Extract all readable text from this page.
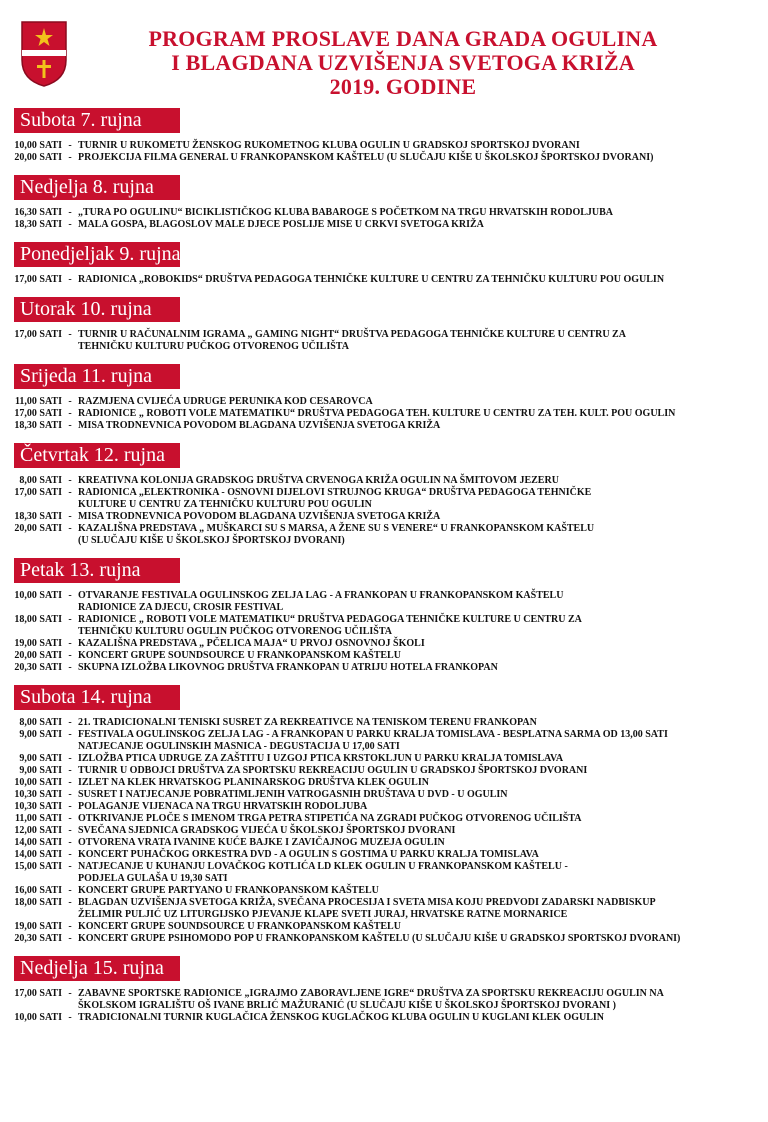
PROGRAM PROSLAVE DANA GRADA OGULINA
I BLAGDANA UZVIŠENJA SVETOGA KRIŽA
2019. GODINE
Subota 7. rujna
10,00 SATI - TURNIR U RUKOMETU ŽENSKOG RUKOMETNOG KLUBA OGULIN U GRADSKOJ SPORTSKOJ DVORANI
20,00 SATI - PROJEKCIJA FILMA GENERAL U FRANKOPANSKOM KAŠTELU (U SLUČAJU KIŠE U ŠKOLSKOJ ŠPORTSKOJ DVORANI)
Nedjelja 8. rujna
16,30 SATI - „TURA PO OGULINU“ BICIKLISTIČKOG KLUBA BABAROGE S POČETKOM NA TRGU HRVATSKIH RODOLJUBA
18,30 SATI - MALA GOSPA, BLAGOSLOV MALE DJECE POSLIJE MISE U CRKVI SVETOGA KRIŽA
Ponedjeljak 9. rujna
17,00 SATI - RADIONICA „ROBOKIDS“ DRUŠTVA PEDAGOGA TEHNIČKE KULTURE U CENTRU ZA TEHNIČKU KULTURU POU OGULIN
Utorak 10. rujna
17,00 SATI - TURNIR U RAČUNALNIM IGRAMA „ GAMING NIGHT“ DRUŠTVA PEDAGOGA TEHNIČKE KULTURE U CENTRU ZA
TEHNIČKU KULTURU PUČKOG OTVORENOG UČILIŠTA
Srijeda 11. rujna
11,00 SATI - RAZMJENA CVIJEĆA UDRUGE PERUNIKA KOD CESAROVCA
17,00 SATI - RADIONICE „ ROBOTI VOLE MATEMATIKU“ DRUŠTVA PEDAGOGA TEH. KULTURE U CENTRU ZA TEH. KULT. POU OGULIN
18,30 SATI - MISA TRODNEVNICA POVODOM BLAGDANA UZVIŠENJA SVETOGA KRIŽA
Četvrtak 12. rujna
8,00 SATI - KREATIVNA KOLONIJA GRADSKOG DRUŠTVA CRVENOGA KRIŽA OGULIN NA ŠMITOVOM JEZERU
17,00 SATI - RADIONICA „ELEKTRONIKA - OSNOVNI DIJELOVI STRUJNOG KRUGA“ DRUŠTVA PEDAGOGA TEHNIČKE
KULTURE U CENTRU ZA TEHNIČKU KULTURU POU OGULIN
18,30 SATI - MISA TRODNEVNICA POVODOM BLAGDANA UZVIŠENJA SVETOGA KRIŽA
20,00 SATI - KAZALIŠNA PREDSTAVA „ MUŠKARCI SU S MARSA, A ŽENE SU S VENERE“ U FRANKOPANSKOM KAŠTELU
(U SLUČAJU KIŠE U ŠKOLSKOJ ŠPORTSKOJ DVORANI)
Petak 13. rujna
10,00 SATI - OTVARANJE FESTIVALA OGULINSKOG ZELJA LAG - A FRANKOPAN U FRANKOPANSKOM KAŠTELU
RADIONICE ZA DJECU, CROSIR FESTIVAL
18,00 SATI - RADIONICE „ ROBOTI VOLE MATEMATIKU“ DRUŠTVA PEDAGOGA TEHNIČKE KULTURE U CENTRU ZA
TEHNIČKU KULTURU OGULIN PUČKOG OTVORENOG UČILIŠTA
19,00 SATI - KAZALIŠNA PREDSTAVA „ PČELICA MAJA“ U PRVOJ OSNOVNOJ ŠKOLI
20,00 SATI - KONCERT GRUPE SOUNDSOURCE U FRANKOPANSKOM KAŠTELU
20,30 SATI - SKUPNA IZLOŽBA LIKOVNOG DRUŠTVA FRANKOPAN U ATRIJU HOTELA FRANKOPAN
Subota 14. rujna
8,00 SATI - 21. TRADICIONALNI TENISKI SUSRET ZA REKREATIVCE NA TENISKOM TERENU FRANKOPAN
9,00 SATI - FESTIVALA OGULINSKOG ZELJA LAG - A FRANKOPAN U PARKU KRALJA TOMISLAVA - BESPLATNA SARMA OD 13,00 SATI
NATJECANJE OGULINSKIH MASNICA - DEGUSTACIJA U 17,00 SATI
9,00 SATI - IZLOŽBA PTICA UDRUGE ZA ZAŠTITU I UZGOJ PTICA KRSTOKLJUN U PARKU KRALJA TOMISLAVA
9,00 SATI - TURNIR U ODBOJCI DRUŠTVA ZA SPORTSKU REKREACIJU OGULIN U GRADSKOJ ŠPORTSKOJ DVORANI
10,00 SATI - IZLET NA KLEK HRVATSKOG PLANINARSKOG DRUŠTVA KLEK OGULIN
10,30 SATI - SUSRET I NATJECANJE POBRATIMLJENIH VATROGASNIH DRUŠTAVA U DVD - U OGULIN
10,30 SATI - POLAGANJE VIJENACA NA TRGU HRVATSKIH RODOLJUBA
11,00 SATI - OTKRIVANJE PLOČE S IMENOM TRGA PETRA STIPETIĆA NA ZGRADI PUČKOG OTVORENOG UČILIŠTA
12,00 SATI - SVEČANA SJEDNICA GRADSKOG VIJEĆA U ŠKOLSKOJ ŠPORTSKOJ DVORANI
14,00 SATI - OTVORENA VRATA IVANINE KUĆE BAJKE I ZAVIČAJNOG MUZEJA OGULIN
14,00 SATI - KONCERT PUHAČKOG ORKESTRA DVD - A OGULIN S GOSTIMA U PARKU KRALJA TOMISLAVA
15,00 SATI - NATJECANJE U KUHANJU LOVAČKOG KOTLIĆA LD KLEK OGULIN U FRANKOPANSKOM KAŠTELU -
PODJELA GULAŠA U 19,30 SATI
16,00 SATI - KONCERT GRUPE PARTYANO U FRANKOPANSKOM KAŠTELU
18,00 SATI - BLAGDAN UZVIŠENJA SVETOGA KRIŽA, SVEČANA PROCESIJA I SVETA MISA KOJU PREDVODI ZADARSKI NADBISKUP
ŽELIMIR PULJIĆ UZ LITURGIJSKO PJEVANJE KLAPE SVETI JURAJ, HRVATSKE RATNE MORNARICE
19,00 SATI - KONCERT GRUPE SOUNDSOURCE U FRANKOPANSKOM KAŠTELU
20,30 SATI - KONCERT GRUPE PSIHOMODO POP U FRANKOPANSKOM KAŠTELU (U SLUČAJU KIŠE U GRADSKOJ SPORTSKOJ DVORANI)
Nedjelja 15. rujna
17,00 SATI - ZABAVNE SPORTSKE RADIONICE „IGRAJMO ZABORAVLJENE IGRE“ DRUŠTVA ZA SPORTSKU REKREACIJU OGULIN NA
ŠKOLSKOM IGRALIŠTU OŠ IVANE BRLIĆ MAŽURANIĆ (U SLUČAJU KIŠE U ŠKOLSKOJ ŠPORTSKOJ DVORANI )
10,00 SATI - TRADICIONALNI TURNIR KUGLAČICA ŽENSKOG KUGLAČKOG KLUBA OGULIN U KUGLANI KLEK OGULIN
